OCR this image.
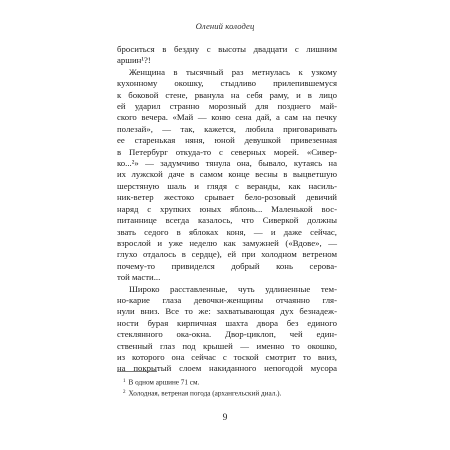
Олений колодец
броситься в бездну с высоты двадцати с лишним
аршин¹?!
Женщина в тысячный раз метнулась к узкому
кухонному окошку, стыдливо прилепившемуся
к боковой стене, рванула на себя раму, и в лицо
ей ударил странно морозный для позднего май-
ского вечера. «Май — коню сена дай, а сам на печку
полезай», — так, кажется, любила приговаривать
ее старенькая няня, юной девушкой привезенная
в Петербург откуда-то с северных морей. «Сивер-
ко...²» — задумчиво тянула она, бывало, кутаясь на
их лужской даче в самом конце весны в выцветшую
шерстяную шаль и глядя с веранды, как насиль-
ник-ветер жестоко срывает бело-розовый девичий
наряд с хрупких юных яблонь... Маленькой вос-
питаннице всегда казалось, что Сиверкой должны
звать седого в яблоках коня, — и даже сейчас,
взрослой и уже неделю как замужней («Вдове», —
глухо отдалось в сердце), ей при холодном ветреном
почему-то привиделся добрый конь серова-
той масти...
Широко расставленные, чуть удлиненные тем-
но-карие глаза девочки-женщины отчаянно гля-
нули вниз. Все то же: захватывающая дух безнадеж-
ности бурая кирпичная шахта двора без единого
стеклянного ока-окна. Двор-циклоп, чей един-
ственный глаз под крышей — именно то окошко,
из которого она сейчас с тоской смотрит то вниз,
на покрытый слоем накиданного непогодой мусора
$^1$ В одном аршине 71 см.
$^2$ Холодная, ветреная погода (архангельский диал.).
9
